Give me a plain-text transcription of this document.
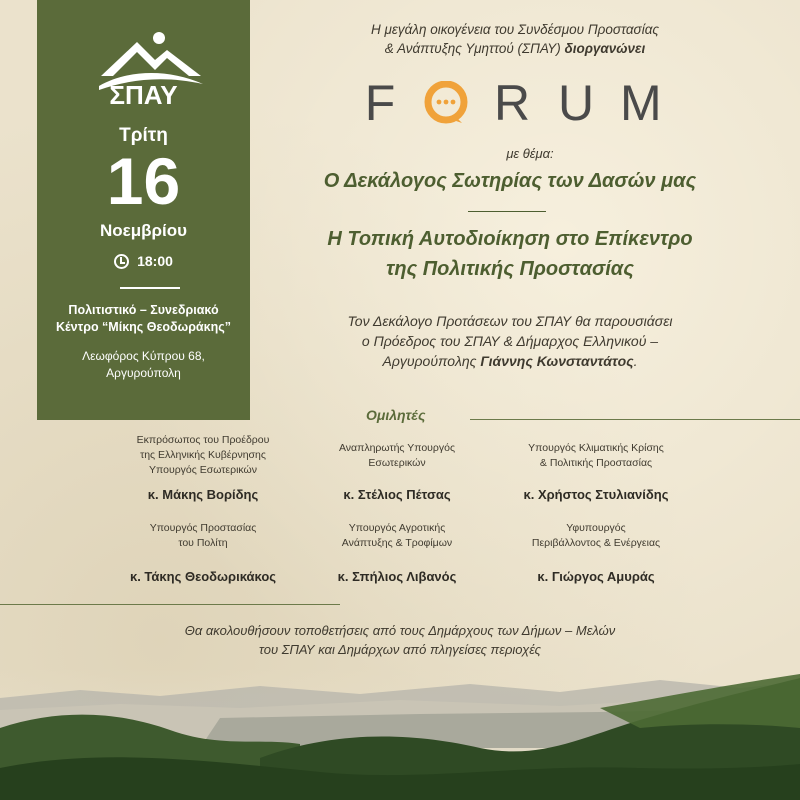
ΣΠΑΥ
Τρίτη
16
Νοεμβρίου
18:00
Πολιτιστικό – Συνεδριακό
Κέντρο “Μίκης Θεοδωράκης”
Λεωφόρος Κύπρου 68,
Αργυρούπολη
Η μεγάλη οικογένεια του Συνδέσμου Προστασίας
& Ανάπτυξης Υμηττού (ΣΠΑΥ) διοργανώνει
F R U M
με θέμα:
Ο Δεκάλογος Σωτηρίας των Δασών μας
Η Τοπική Αυτοδιοίκηση στο Επίκεντρο
της Πολιτικής Προστασίας
Τον Δεκάλογο Προτάσεων του ΣΠΑΥ θα παρουσιάσει
ο Πρόεδρος του ΣΠΑΥ & Δήμαρχος Ελληνικού –
Αργυρούπολης Γιάννης Κωνσταντάτος.
Ομιλητές
Εκπρόσωπος του Προέδρου
της Ελληνικής Κυβέρνησης
Υπουργός Εσωτερικών
κ. Μάκης Βορίδης
Αναπληρωτής Υπουργός
Εσωτερικών
κ. Στέλιος Πέτσας
Υπουργός Κλιματικής Κρίσης
& Πολιτικής Προστασίας
κ. Χρήστος Στυλιανίδης
Υπουργός Προστασίας
του Πολίτη
κ. Τάκης Θεοδωρικάκος
Υπουργός Αγροτικής
Ανάπτυξης & Τροφίμων
κ. Σπήλιος Λιβανός
Υφυπουργός
Περιβάλλοντος & Ενέργειας
κ. Γιώργος Αμυράς
Θα ακολουθήσουν τοποθετήσεις από τους Δημάρχους των Δήμων – Μελών
του ΣΠΑΥ και Δημάρχων από πληγείσες περιοχές
